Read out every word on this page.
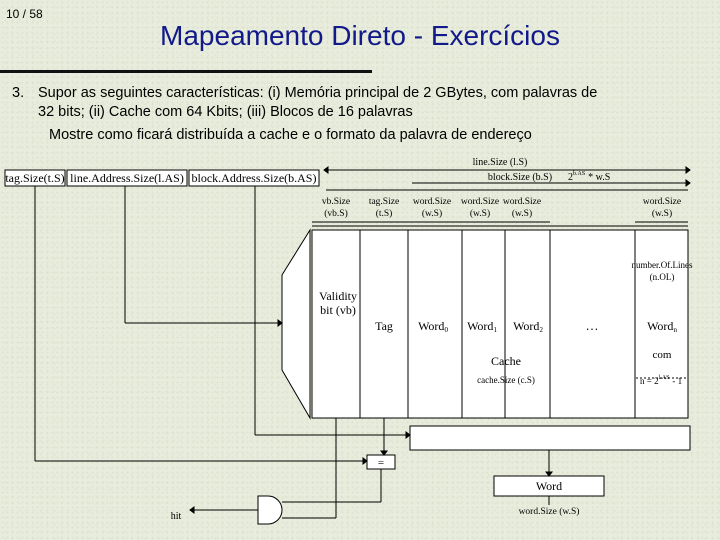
10 / 58
Mapeamento Direto - Exercícios
3. Supor as seguintes características: (i) Memória principal de 2 GBytes, com palavras de
32 bits; (ii) Cache com 64 Kbits; (iii) Blocos de 16 palavras
Mostre como ficará distribuída a cache e o formato da palavra de endereço
tag.Size(t.S) line.Address.Size(l.AS) block.Address.Size(b.AS)
line.Size (l.S)
block.Size (b.S) $2^{b.AS} * w.S$
vb.Size
(vb.S)
tag.Size
(t.S)
word.Size
(w.S)
word.Size
(w.S)
word.Size
(w.S)
word.Size
(w.S)
Validity
bit (vb)
Tag Word0 Word1 Word2	…	Wordn
Cache
cache.Size (c.S)
number.Of.Lines
(n.OL)
com
$n = 2^{l.AS} - 1$
=
Word
word.Size (w.S)
hit
